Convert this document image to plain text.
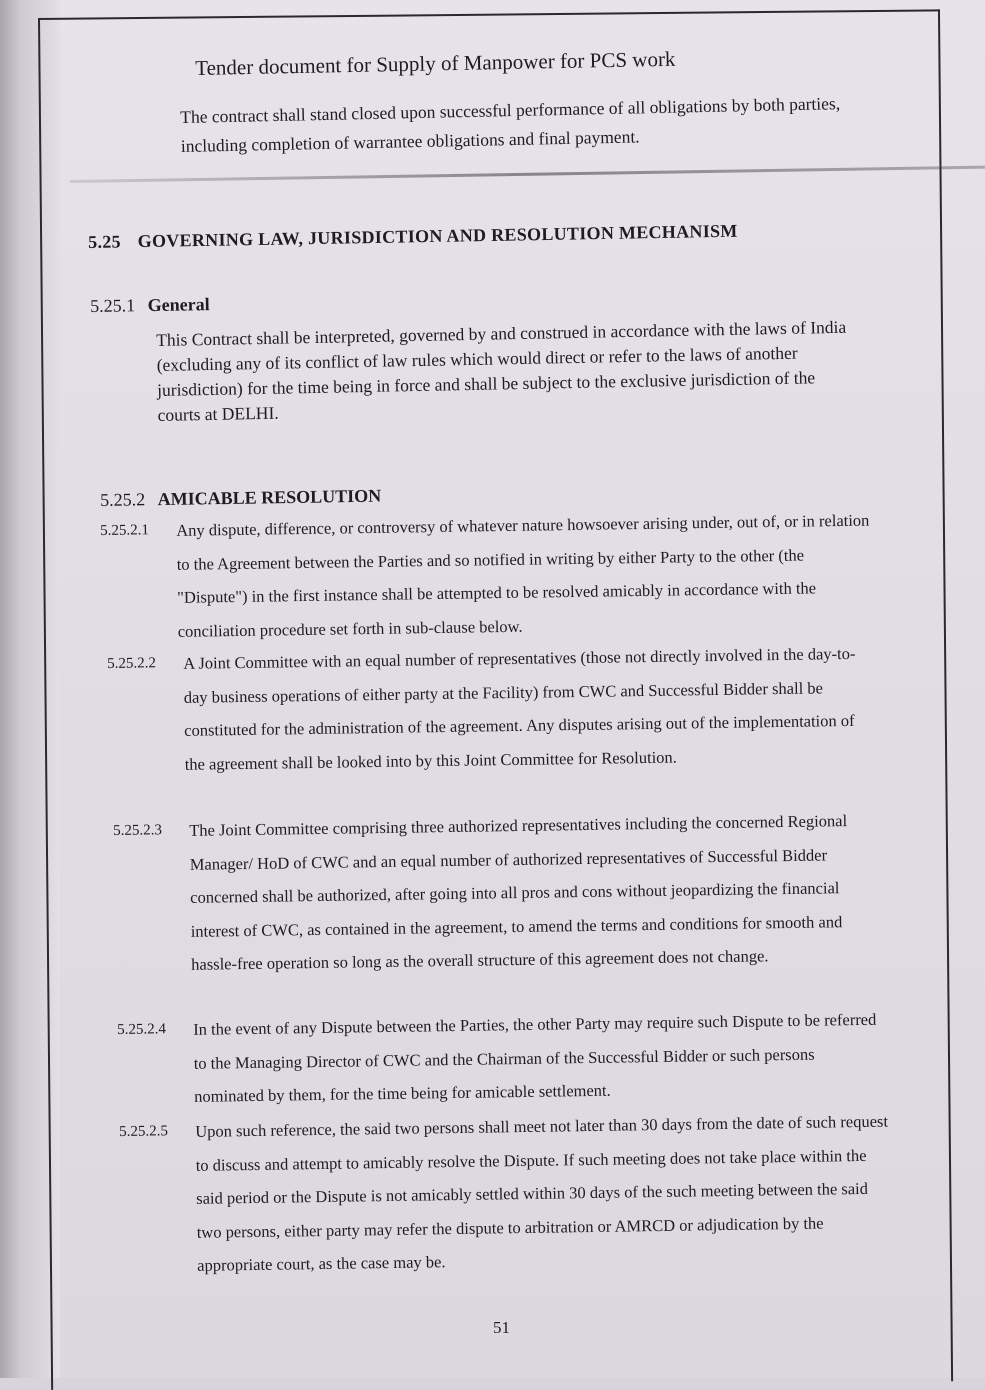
Tender document for Supply of Manpower for PCS work
The contract shall stand closed upon successful performance of all obligations by both parties, including completion of warrantee obligations and final payment.
5.25 GOVERNING LAW, JURISDICTION AND RESOLUTION MECHANISM
5.25.1 General
This Contract shall be interpreted, governed by and construed in accordance with the laws of India (excluding any of its conflict of law rules which would direct or refer to the laws of another jurisdiction) for the time being in force and shall be subject to the exclusive jurisdiction of the courts at DELHI.
5.25.2 AMICABLE RESOLUTION
5.25.2.1 Any dispute, difference, or controversy of whatever nature howsoever arising under, out of, or in relation to the Agreement between the Parties and so notified in writing by either Party to the other (the "Dispute") in the first instance shall be attempted to be resolved amicably in accordance with the conciliation procedure set forth in sub-clause below.
5.25.2.2 A Joint Committee with an equal number of representatives (those not directly involved in the day-to-day business operations of either party at the Facility) from CWC and Successful Bidder shall be constituted for the administration of the agreement. Any disputes arising out of the implementation of the agreement shall be looked into by this Joint Committee for Resolution.
5.25.2.3 The Joint Committee comprising three authorized representatives including the concerned Regional Manager/ HoD of CWC and an equal number of authorized representatives of Successful Bidder concerned shall be authorized, after going into all pros and cons without jeopardizing the financial interest of CWC, as contained in the agreement, to amend the terms and conditions for smooth and hassle-free operation so long as the overall structure of this agreement does not change.
5.25.2.4 In the event of any Dispute between the Parties, the other Party may require such Dispute to be referred to the Managing Director of CWC and the Chairman of the Successful Bidder or such persons nominated by them, for the time being for amicable settlement.
5.25.2.5 Upon such reference, the said two persons shall meet not later than 30 days from the date of such request to discuss and attempt to amicably resolve the Dispute. If such meeting does not take place within the said period or the Dispute is not amicably settled within 30 days of the such meeting between the said two persons, either party may refer the dispute to arbitration or AMRCD or adjudication by the appropriate court, as the case may be.
51
